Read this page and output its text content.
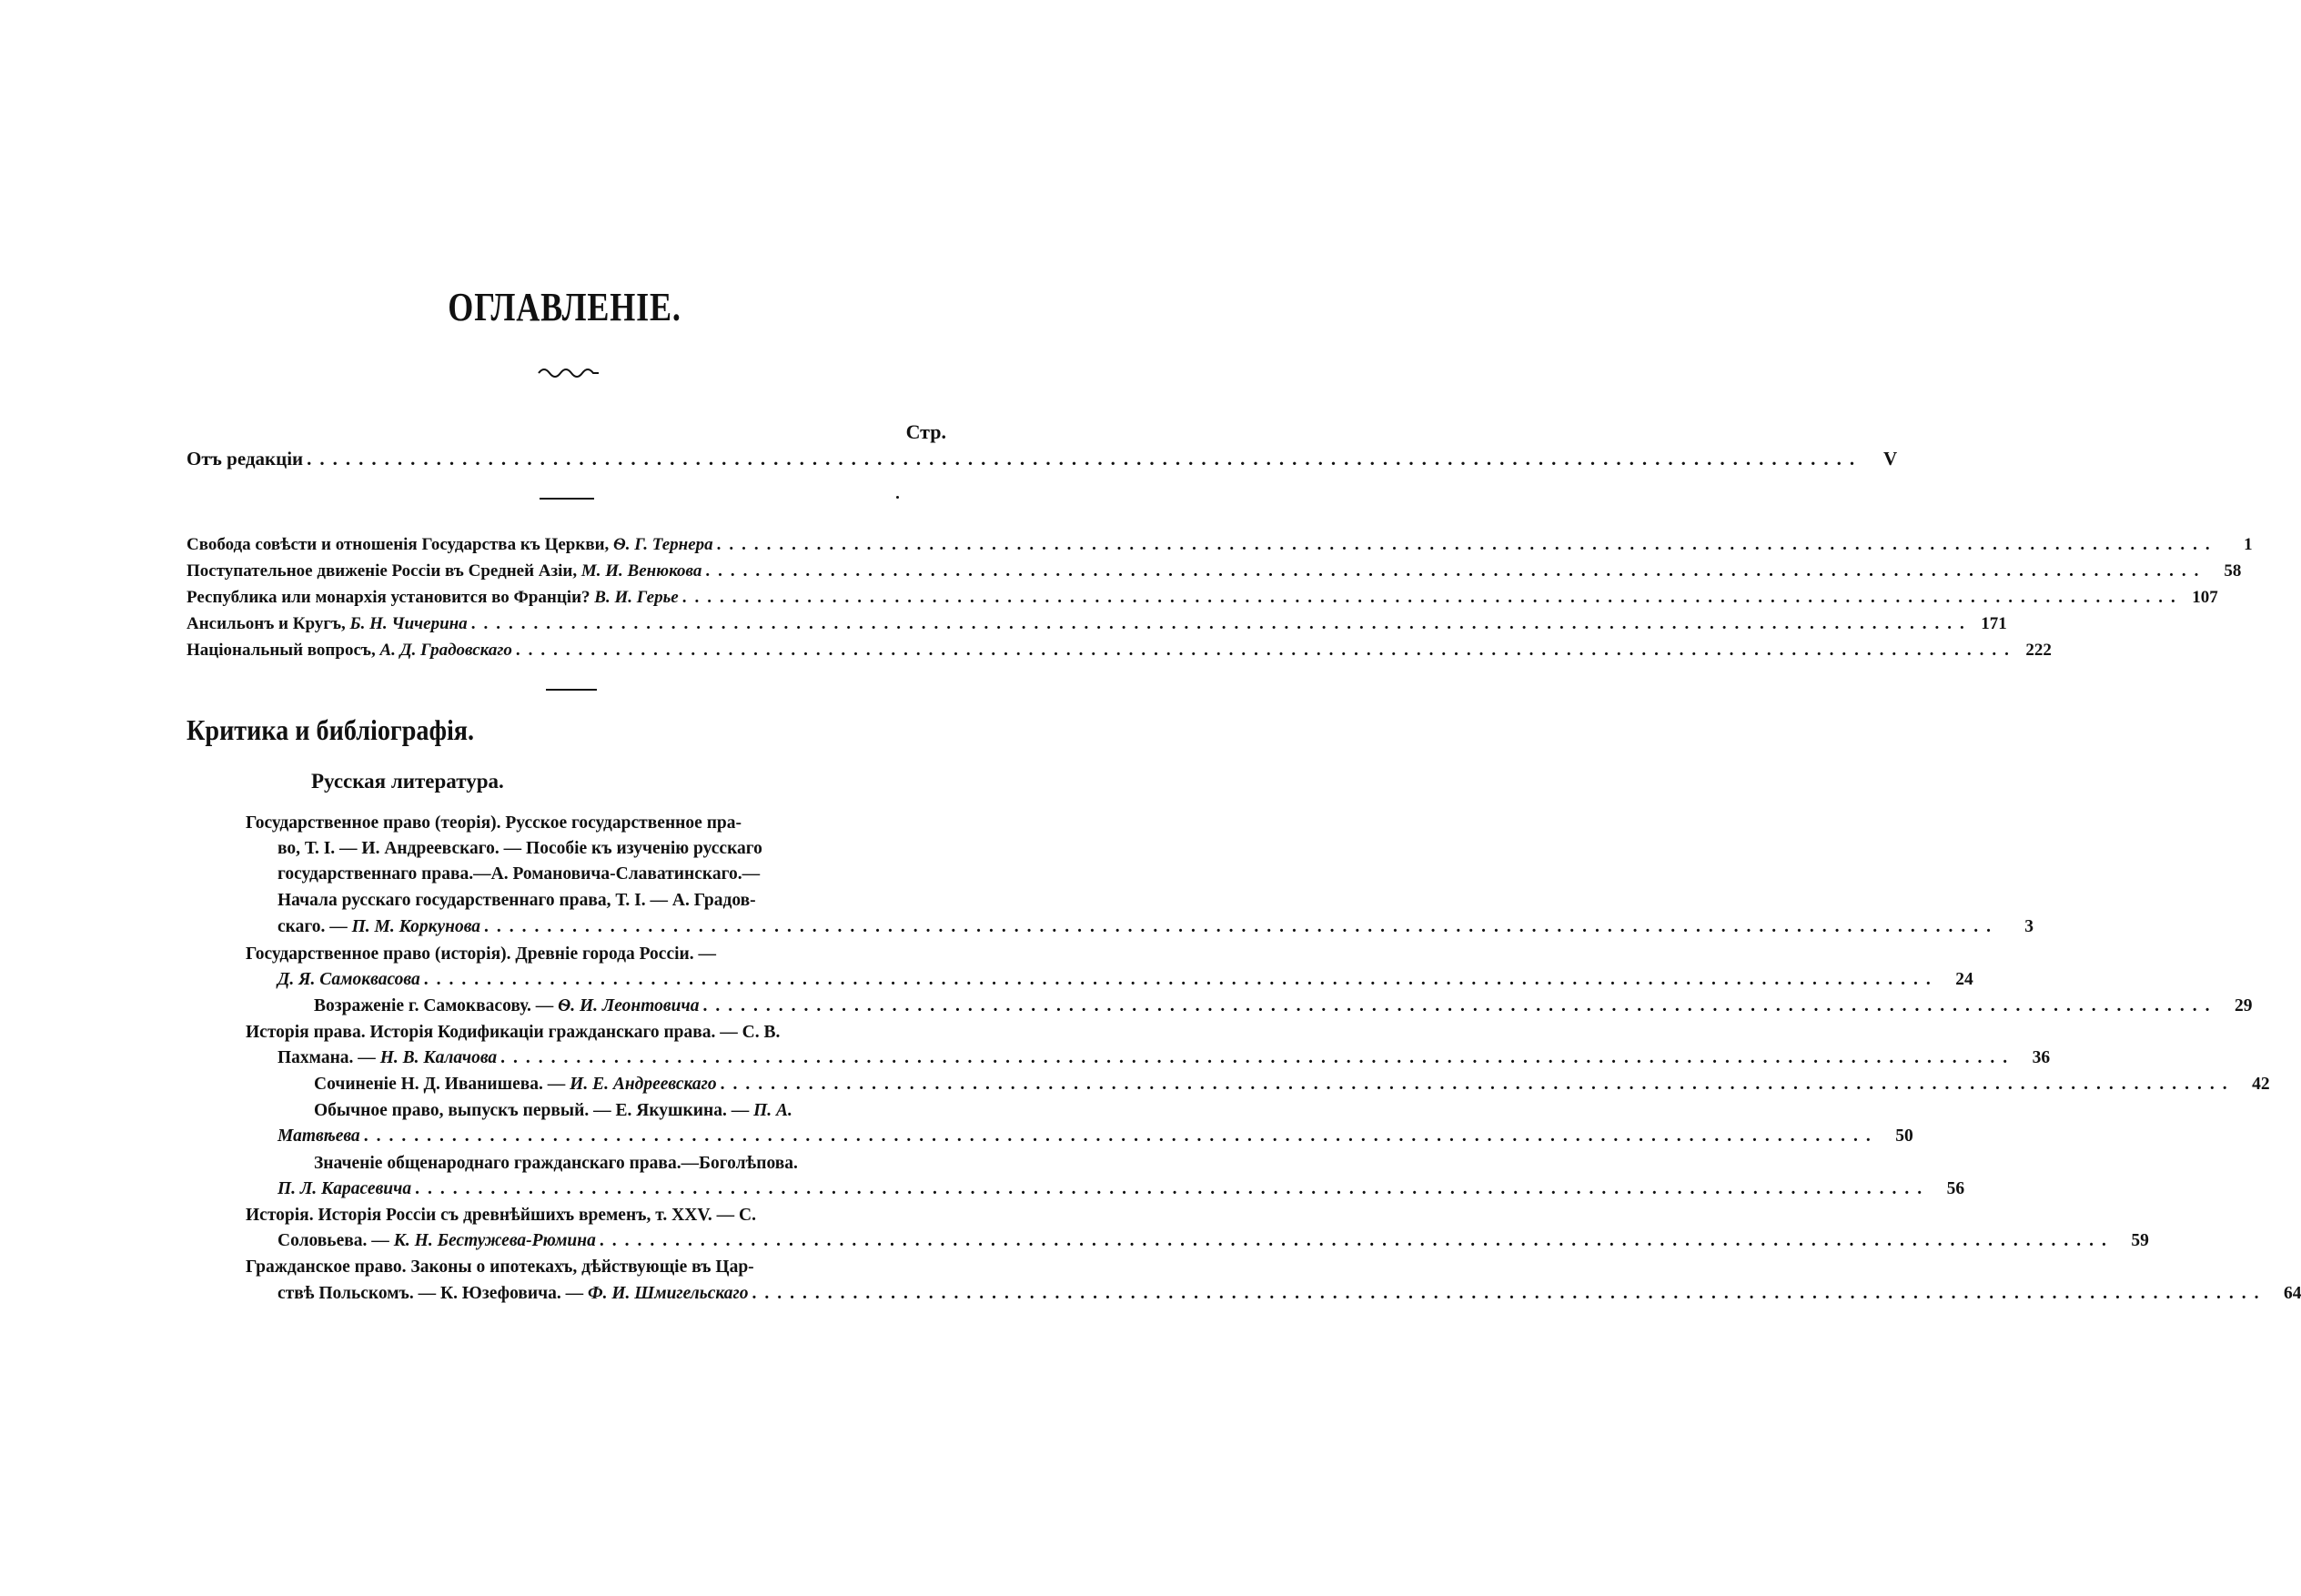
ОГЛАВЛЕНІЕ.
Стр.
Отъ редакціи ........................................................................................................................	V
Свобода совѣсти и отношенія Государства къ Церкви, Ѳ. Г. Тернера ........................................................................................................................	1
Поступательное движеніе Россіи въ Средней Азіи, М. И. Венюкова ........................................................................................................................	58
Республика или монархія установится во Франціи? В. И. Герье ........................................................................................................................ 107
Ансильонъ и Кругъ, Б. Н. Чичерина ........................................................................................................................ 171
Національный вопросъ, А. Д. Градовскаго ........................................................................................................................ 222
Критика и библіографія.
Русская литература.
Государственное право (теорія). Русское государственное пра-
во, Т. I. — И. Андреевскаго. — Пособіе къ изученію русскаго
государственнаго права.—А. Романовича-Славатинскаго.—
Начала русскаго государственнаго права, Т. I. — А. Градов-
скаго. — П. М. Коркунова ........................................................................................................................	3
Государственное право (исторія). Древніе города Россіи. —
Д. Я. Самоквасова ........................................................................................................................ 24
Возраженіе г. Самоквасову. — Ѳ. И. Леонтовича ........................................................................................................................ 29
Исторія права. Исторія Кодификаціи гражданскаго права. — С. В.
Пахмана. — Н. В. Калачова ........................................................................................................................ 36
Сочиненіе Н. Д. Иванишева. — И. Е. Андреевскаго ........................................................................................................................ 42
Обычное право, выпускъ первый. — Е. Якушкина. — П. А.
Матвѣева ........................................................................................................................ 50
Значеніе общенароднаго гражданскаго права.—Боголѣпова.
П. Л. Карасевича ........................................................................................................................ 56
Исторія. Исторія Россіи съ древнѣйшихъ временъ, т. XXV. — С.
Соловьева. — К. Н. Бестужева-Рюмина ........................................................................................................................ 59
Гражданское право. Законы о ипотекахъ, дѣйствующіе въ Цар-
ствѣ Польскомъ. — К. Юзефовича. — Ф. И. Шмигельскаго ........................................................................................................................ 64
